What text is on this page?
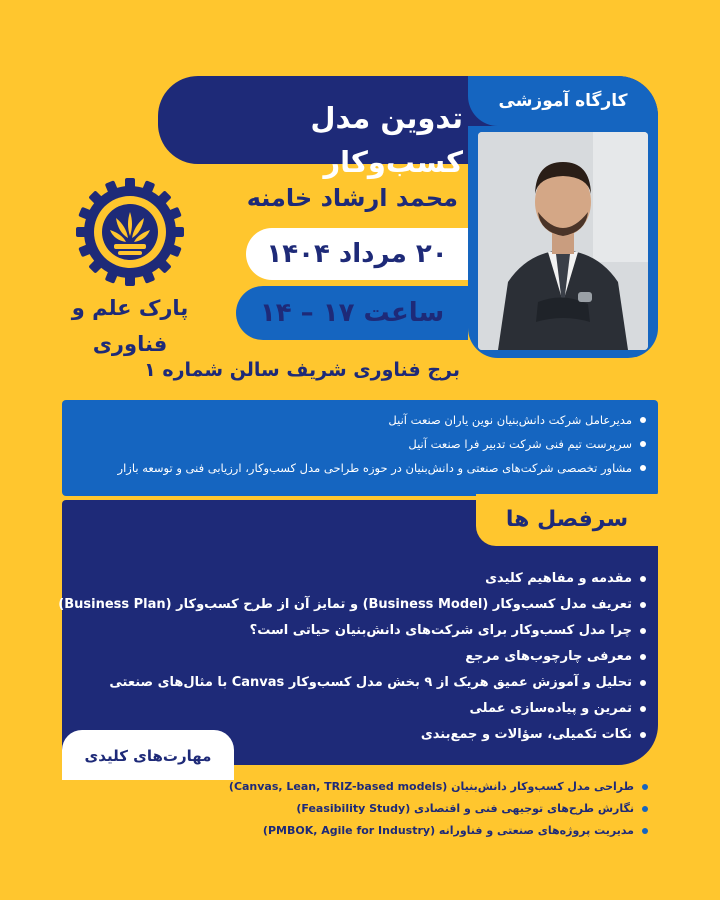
تدوین مدل کسب‌وکار
کارگاه آموزشی
محمد ارشاد خامنه
۲۰ مرداد ۱۴۰۴
ساعت ۱۷ – ۱۴
برج فناوری شریف سالن شماره ۱
پارک علم و فناوری
مدیرعامل شرکت دانش‌بنیان نوین یاران صنعت آنیل
سرپرست تیم فنی شرکت تدبیر فرا صنعت آنیل
مشاور تخصصی شرکت‌های صنعتی و دانش‌بنیان در حوزه طراحی مدل کسب‌وکار، ارزیابی فنی و توسعه بازار
سرفصل ها
مقدمه و مفاهیم کلیدی
تعریف مدل کسب‌وکار (Business Model) و تمایز آن از طرح کسب‌وکار (Business Plan)
چرا مدل کسب‌وکار برای شرکت‌های دانش‌بنیان حیاتی است؟
معرفی چارچوب‌های مرجع
تحلیل و آموزش عمیق هریک از ۹ بخش مدل کسب‌وکار Canvas با مثال‌های صنعتی
تمرین و پیاده‌سازی عملی
نکات تکمیلی، سؤالات و جمع‌بندی
مهارت‌های کلیدی
طراحی مدل کسب‌وکار دانش‌بنیان (Canvas, Lean, TRIZ-based models)
نگارش طرح‌های توجیهی فنی و اقتصادی (Feasibility Study)
مدیریت پروژه‌های صنعتی و فناورانه (PMBOK, Agile for Industry)
